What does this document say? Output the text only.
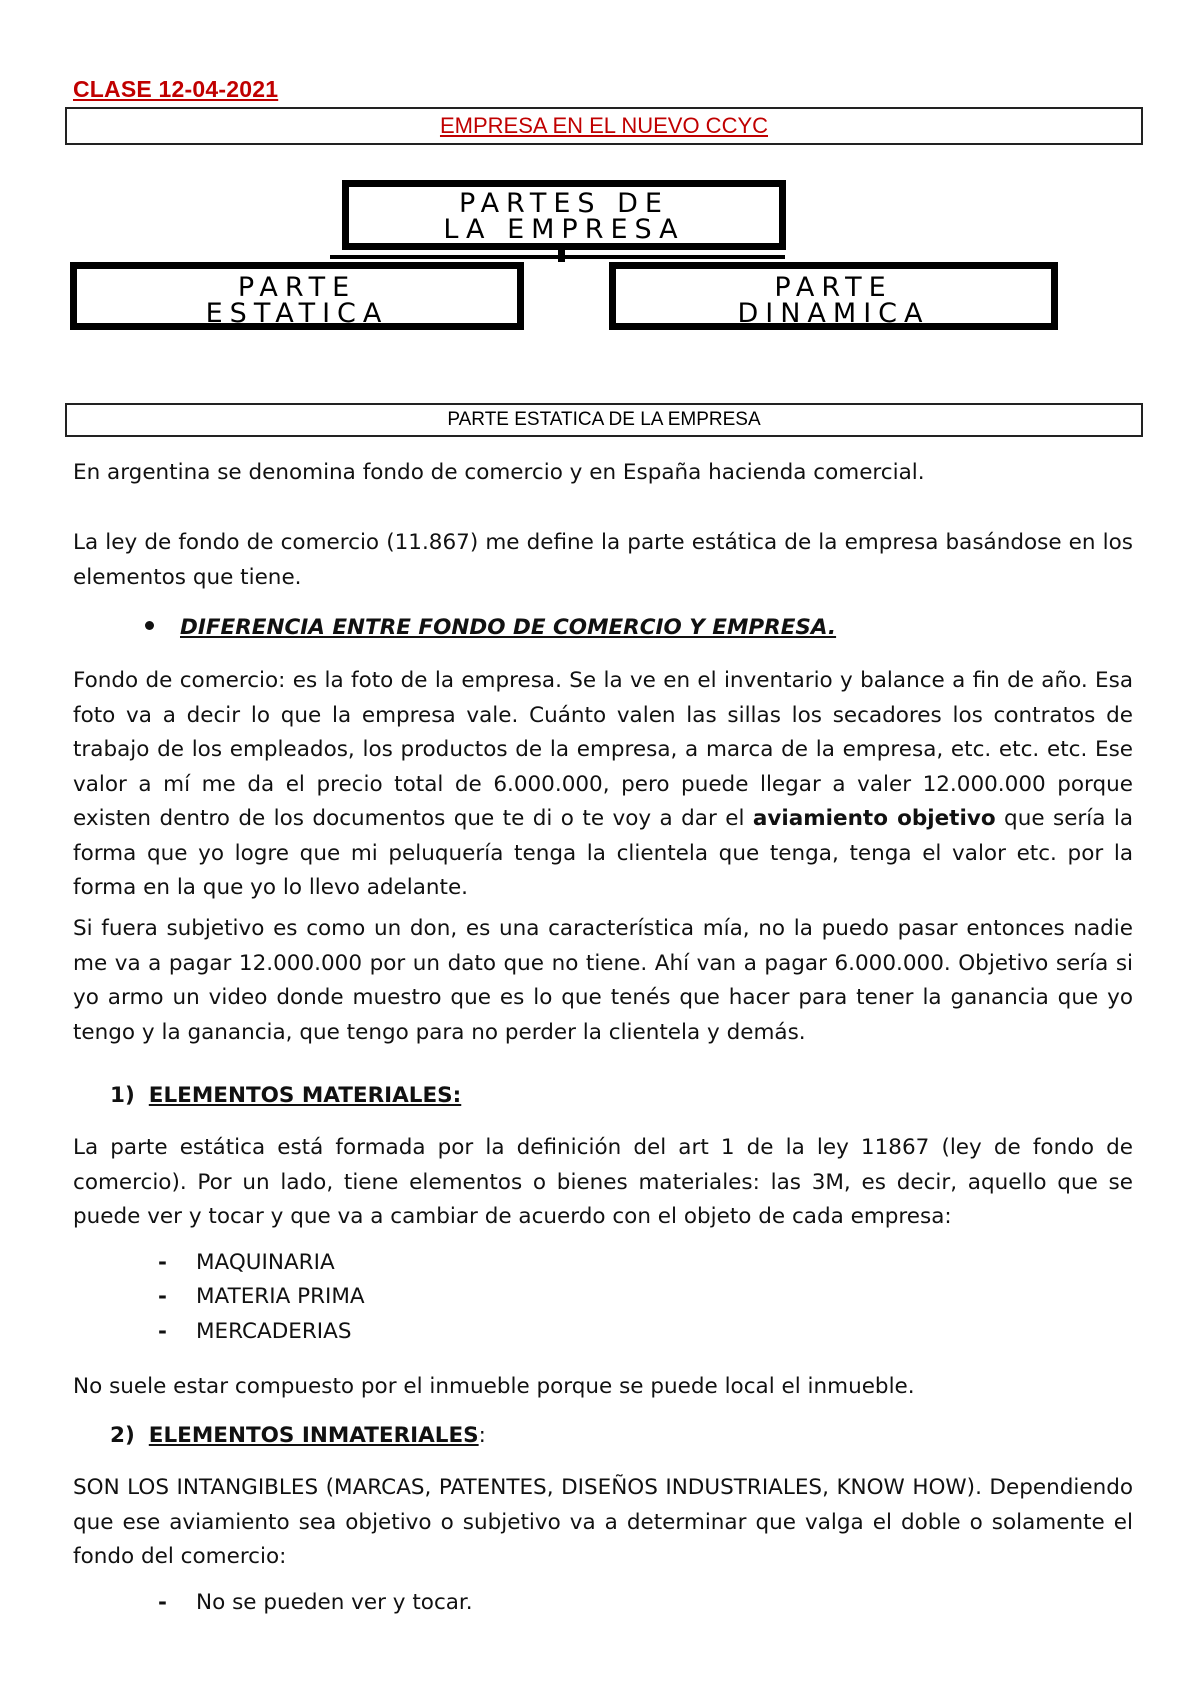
CLASE 12-04-2021
EMPRESA EN EL NUEVO CCYC
PARTES DE
LA EMPRESA
PARTE
ESTATICA
PARTE
DINAMICA
PARTE ESTATICA DE LA EMPRESA
En argentina se denomina fondo de comercio y en España hacienda comercial.
La ley de fondo de comercio (11.867) me define la parte estática de la empresa basándose en los elementos que tiene.
DIFERENCIA ENTRE FONDO DE COMERCIO Y EMPRESA.
Fondo de comercio: es la foto de la empresa. Se la ve en el inventario y balance a fin de año. Esa foto va a decir lo que la empresa vale. Cuánto valen las sillas los secadores los contratos de trabajo de los empleados, los productos de la empresa, a marca de la empresa, etc. etc. etc. Ese valor a mí me da el precio total de 6.000.000, pero puede llegar a valer 12.000.000 porque existen dentro de los documentos que te di o te voy a dar el aviamiento objetivo que sería la forma que yo logre que mi peluquería tenga la clientela que tenga, tenga el valor etc. por la forma en la que yo lo llevo adelante.
Si fuera subjetivo es como un don, es una característica mía, no la puedo pasar entonces nadie me va a pagar 12.000.000 por un dato que no tiene. Ahí van a pagar 6.000.000. Objetivo sería si yo armo un video donde muestro que es lo que tenés que hacer para tener la ganancia que yo tengo y la ganancia, que tengo para no perder la clientela y demás.
1) ELEMENTOS MATERIALES:
La parte estática está formada por la definición del art 1 de la ley 11867 (ley de fondo de comercio). Por un lado, tiene elementos o bienes materiales: las 3M, es decir, aquello que se puede ver y tocar y que va a cambiar de acuerdo con el objeto de cada empresa:
- MAQUINARIA
- MATERIA PRIMA
- MERCADERIAS
No suele estar compuesto por el inmueble porque se puede local el inmueble.
2) ELEMENTOS INMATERIALES:
SON LOS INTANGIBLES (MARCAS, PATENTES, DISEÑOS INDUSTRIALES, KNOW HOW). Dependiendo que ese aviamiento sea objetivo o subjetivo va a determinar que valga el doble o solamente el fondo del comercio:
- No se pueden ver y tocar.
